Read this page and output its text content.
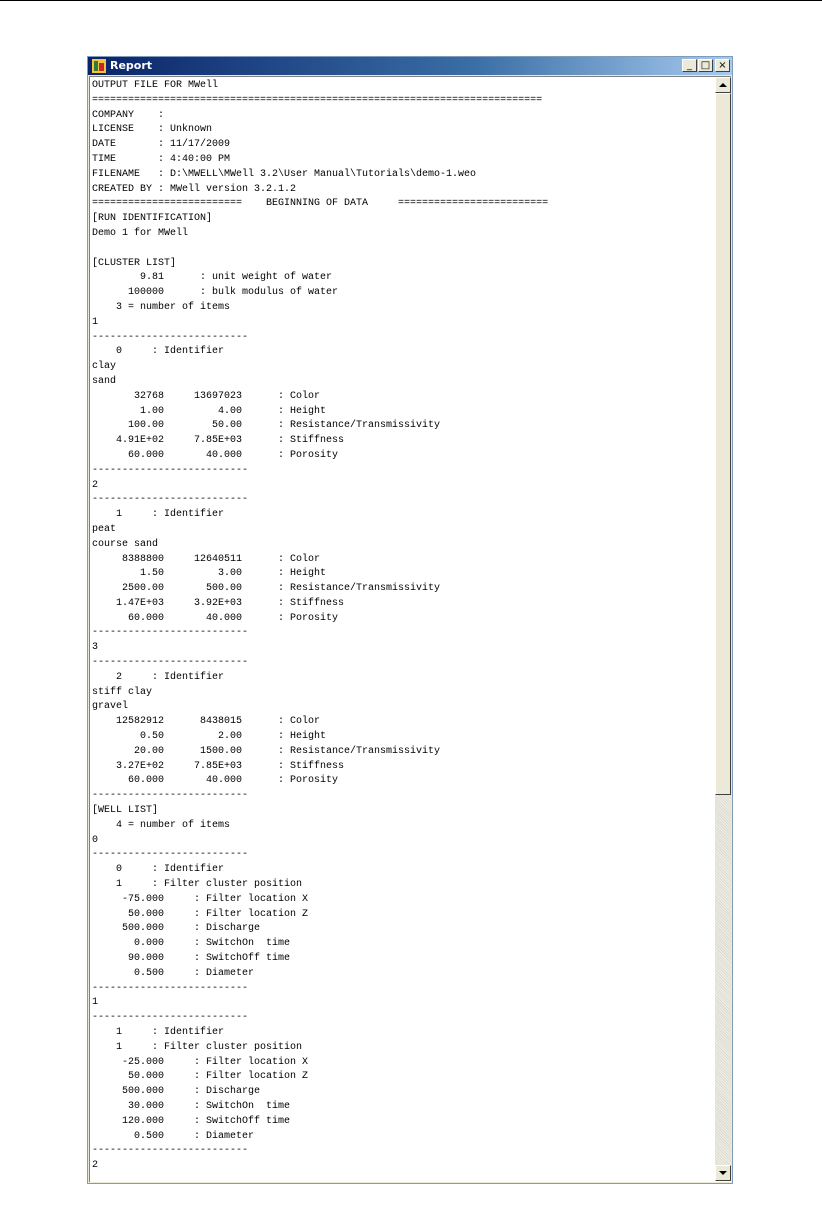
Report	_ □ ×
OUTPUT FILE FOR MWell
===========================================================================
COMPANY    :
LICENSE    : Unknown
DATE       : 11/17/2009
TIME       : 4:40:00 PM
FILENAME   : D:\MWELL\MWell 3.2\User Manual\Tutorials\demo-1.weo
CREATED BY : MWell version 3.2.1.2
=========================    BEGINNING OF DATA     =========================
[RUN IDENTIFICATION]
Demo 1 for MWell

[CLUSTER LIST]
9.81      : unit weight of water
100000      : bulk modulus of water
3 = number of items
1
--------------------------
0     : Identifier
clay
sand
32768     13697023      : Color
1.00         4.00      : Height
100.00        50.00      : Resistance/Transmissivity
4.91E+02     7.85E+03      : Stiffness
60.000       40.000      : Porosity
--------------------------
2
--------------------------
1     : Identifier
peat
course sand
8388800     12640511      : Color
1.50         3.00      : Height
2500.00       500.00      : Resistance/Transmissivity
1.47E+03     3.92E+03      : Stiffness
60.000       40.000      : Porosity
--------------------------
3
--------------------------
2     : Identifier
stiff clay
gravel
12582912      8438015      : Color
0.50         2.00      : Height
20.00      1500.00      : Resistance/Transmissivity
3.27E+02     7.85E+03      : Stiffness
60.000       40.000      : Porosity
--------------------------
[WELL LIST]
4 = number of items
0
--------------------------
0     : Identifier
1     : Filter cluster position
-75.000     : Filter location X
50.000     : Filter location Z
500.000     : Discharge
0.000     : SwitchOn  time
90.000     : SwitchOff time
0.500     : Diameter
--------------------------
1
--------------------------
1     : Identifier
1     : Filter cluster position
-25.000     : Filter location X
50.000     : Filter location Z
500.000     : Discharge
30.000     : SwitchOn  time
120.000     : SwitchOff time
0.500     : Diameter
--------------------------
2
